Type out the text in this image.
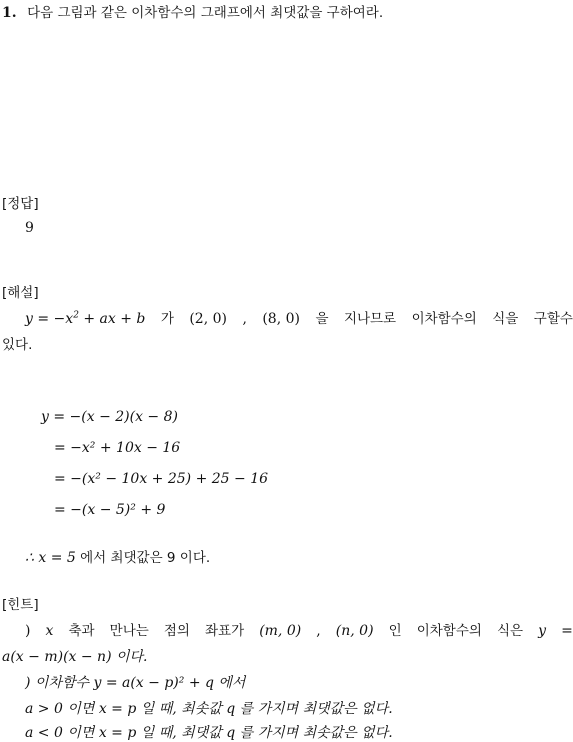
1. 다음 그림과 같은 이차함수의 그래프에서 최댓값을 구하여라.
[정답]
9
[해설]
$y = -x^2$ + ax + b 가 (2, 0) , (8, 0) 을 지나므로 이차함수의 식을 구할수
있다.
y = −(x − 2)(x − 8)
= −x² + 10x − 16
= −(x² − 10x + 25) + 25 − 16
= −(x − 5)² + 9
∴ x = 5 에서 최댓값은 9 이다.
[힌트]
) x 축과 만나는 점의 좌표가 (m, 0) , (n, 0) 인 이차함수의 식은 y =
a(x − m)(x − n) 이다.
) 이차함수 y = a(x − p)² + q 에서
a > 0 이면 x = p 일 때, 최솟값 q 를 가지며 최댓값은 없다.
a < 0 이면 x = p 일 때, 최댓값 q 를 가지며 최솟값은 없다.
